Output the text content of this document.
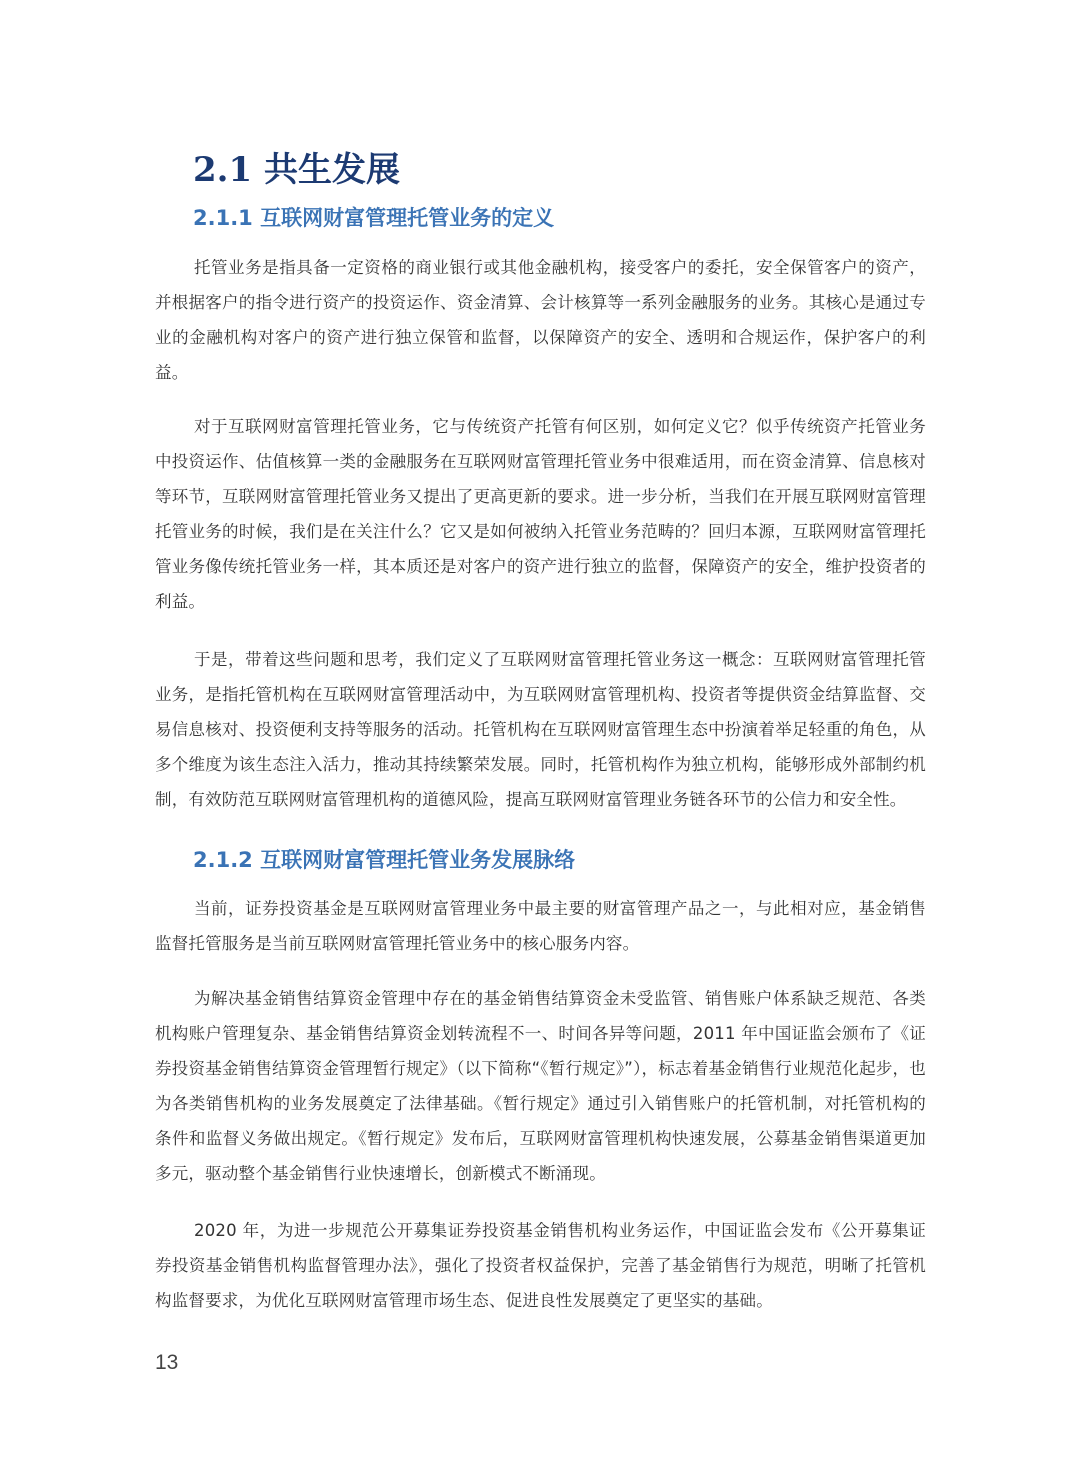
2.1 共生发展
2.1.1 互联网财富管理托管业务的定义

托管业务是指具备一定资格的商业银行或其他金融机构，接受客户的委托，安全保管客户的资产，并根据客户的指令进行资产的投资运作、资金清算、会计核算等一系列金融服务的业务。其核心是通过专业的金融机构对客户的资产进行独立保管和监督，以保障资产的安全、透明和合规运作，保护客户的利益。

对于互联网财富管理托管业务，它与传统资产托管有何区别，如何定义它？似乎传统资产托管业务中投资运作、估值核算一类的金融服务在互联网财富管理托管业务中很难适用，而在资金清算、信息核对等环节，互联网财富管理托管业务又提出了更高更新的要求。进一步分析，当我们在开展互联网财富管理托管业务的时候，我们是在关注什么？它又是如何被纳入托管业务范畴的？回归本源，互联网财富管理托管业务像传统托管业务一样，其本质还是对客户的资产进行独立的监督，保障资产的安全，维护投资者的利益。

于是，带着这些问题和思考，我们定义了互联网财富管理托管业务这一概念：互联网财富管理托管业务，是指托管机构在互联网财富管理活动中，为互联网财富管理机构、投资者等提供资金结算监督、交易信息核对、投资便利支持等服务的活动。托管机构在互联网财富管理生态中扮演着举足轻重的角色，从多个维度为该生态注入活力，推动其持续繁荣发展。同时，托管机构作为独立机构，能够形成外部制约机制，有效防范互联网财富管理机构的道德风险，提高互联网财富管理业务链各环节的公信力和安全性。

2.1.2 互联网财富管理托管业务发展脉络

当前，证券投资基金是互联网财富管理业务中最主要的财富管理产品之一，与此相对应，基金销售监督托管服务是当前互联网财富管理托管业务中的核心服务内容。

为解决基金销售结算资金管理中存在的基金销售结算资金未受监管、销售账户体系缺乏规范、各类机构账户管理复杂、基金销售结算资金划转流程不一、时间各异等问题，2011 年中国证监会颁布了《证券投资基金销售结算资金管理暂行规定》（以下简称“《暂行规定》”），标志着基金销售行业规范化起步，也为各类销售机构的业务发展奠定了法律基础。《暂行规定》通过引入销售账户的托管机制，对托管机构的条件和监督义务做出规定。《暂行规定》发布后，互联网财富管理机构快速发展，公募基金销售渠道更加多元，驱动整个基金销售行业快速增长，创新模式不断涌现。

2020 年，为进一步规范公开募集证券投资基金销售机构业务运作，中国证监会发布《公开募集证券投资基金销售机构监督管理办法》，强化了投资者权益保护，完善了基金销售行为规范，明晰了托管机构监督要求，为优化互联网财富管理市场生态、促进良性发展奠定了更坚实的基础。

13
